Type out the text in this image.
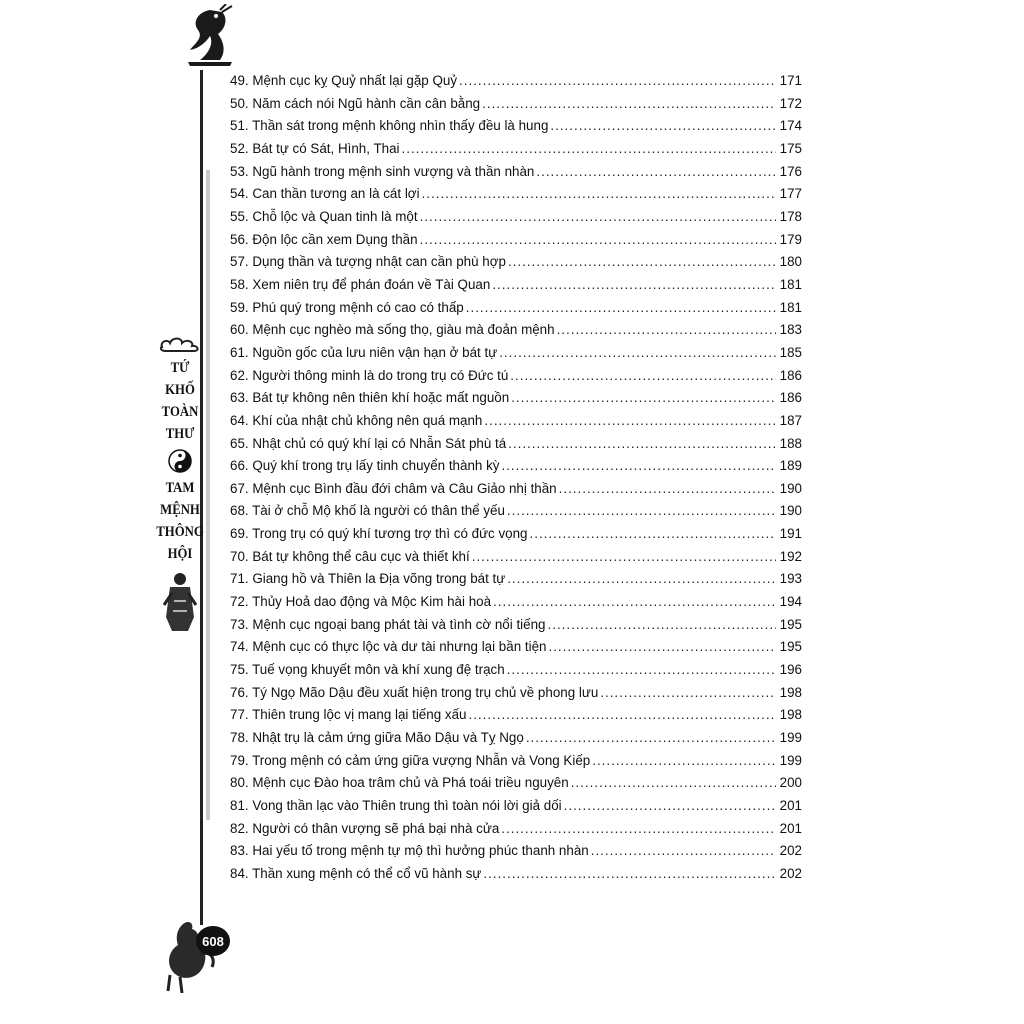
TỨ
KHỐ
TOÀN
THƯ
TAM
MỆNH
THÔNG
HỘI
608
49. Mệnh cục kỵ Quỷ nhất lại gặp Quỷ .....	171
50. Năm cách nói Ngũ hành cần cân bằng .....	172
51. Thần sát trong mệnh không nhìn thấy đều là hung .....	174
52. Bát tự có Sát, Hình, Thai .....	175
53. Ngũ hành trong mệnh sinh vượng và thần nhàn .....	176
54. Can thần tương an là cát lợi .....	177
55. Chỗ lộc và Quan tinh là một .....	178
56. Độn lộc cần xem Dụng thần .....	179
57. Dụng thần và tượng nhật can cần phù hợp .....	180
58. Xem niên trụ để phán đoán về Tài Quan .....	181
59. Phú quý trong mệnh có cao có thấp .....	181
60. Mệnh cục nghèo mà sống thọ, giàu mà đoản mệnh .....	183
61. Nguồn gốc của lưu niên vận hạn ở bát tự .....	185
62. Người thông minh là do trong trụ có Đức tú .....	186
63. Bát tự không nên thiên khí hoặc mất nguồn .....	186
64. Khí của nhật chủ không nên quá mạnh .....	187
65. Nhật chủ có quý khí lại có Nhẫn Sát phù tá .....	188
66. Quý khí trong trụ lấy tinh chuyển thành kỳ .....	189
67. Mệnh cục Bình đầu đới châm và Câu Giảo nhị thần .....	190
68. Tài ở chỗ Mộ khố là người có thân thể yếu .....	190
69. Trong trụ có quý khí tương trợ thì có đức vọng .....	191
70. Bát tự không thể câu cục và thiết khí .....	192
71. Giang hồ và Thiên la Địa võng trong bát tự .....	193
72. Thủy Hoả dao động và Mộc Kim hài hoà .....	194
73. Mệnh cục ngoại bang phát tài và tình cờ nổi tiếng .....	195
74. Mệnh cục có thực lộc và dư tài nhưng lại bần tiện .....	195
75. Tuế vọng khuyết môn và khí xung đệ trạch .....	196
76. Tý Ngọ Mão Dậu đều xuất hiện trong trụ chủ về phong lưu .....	198
77. Thiên trung lộc vị mang lại tiếng xấu .....	198
78. Nhật trụ là cảm ứng giữa Mão Dậu và Tỵ Ngọ .....	199
79. Trong mệnh có cảm ứng giữa vượng Nhẫn và Vong Kiếp .....	199
80. Mệnh cục Đào hoa trâm chủ và Phá toái triều nguyên .....	200
81. Vong thần lạc vào Thiên trung thì toàn nói lời giả dối .....	201
82. Người có thân vượng sẽ phá bại nhà cửa .....	201
83. Hai yếu tố trong mệnh tự mộ thì hưởng phúc thanh nhàn .....	202
84. Thần xung mệnh có thể cổ vũ hành sự .....	202
